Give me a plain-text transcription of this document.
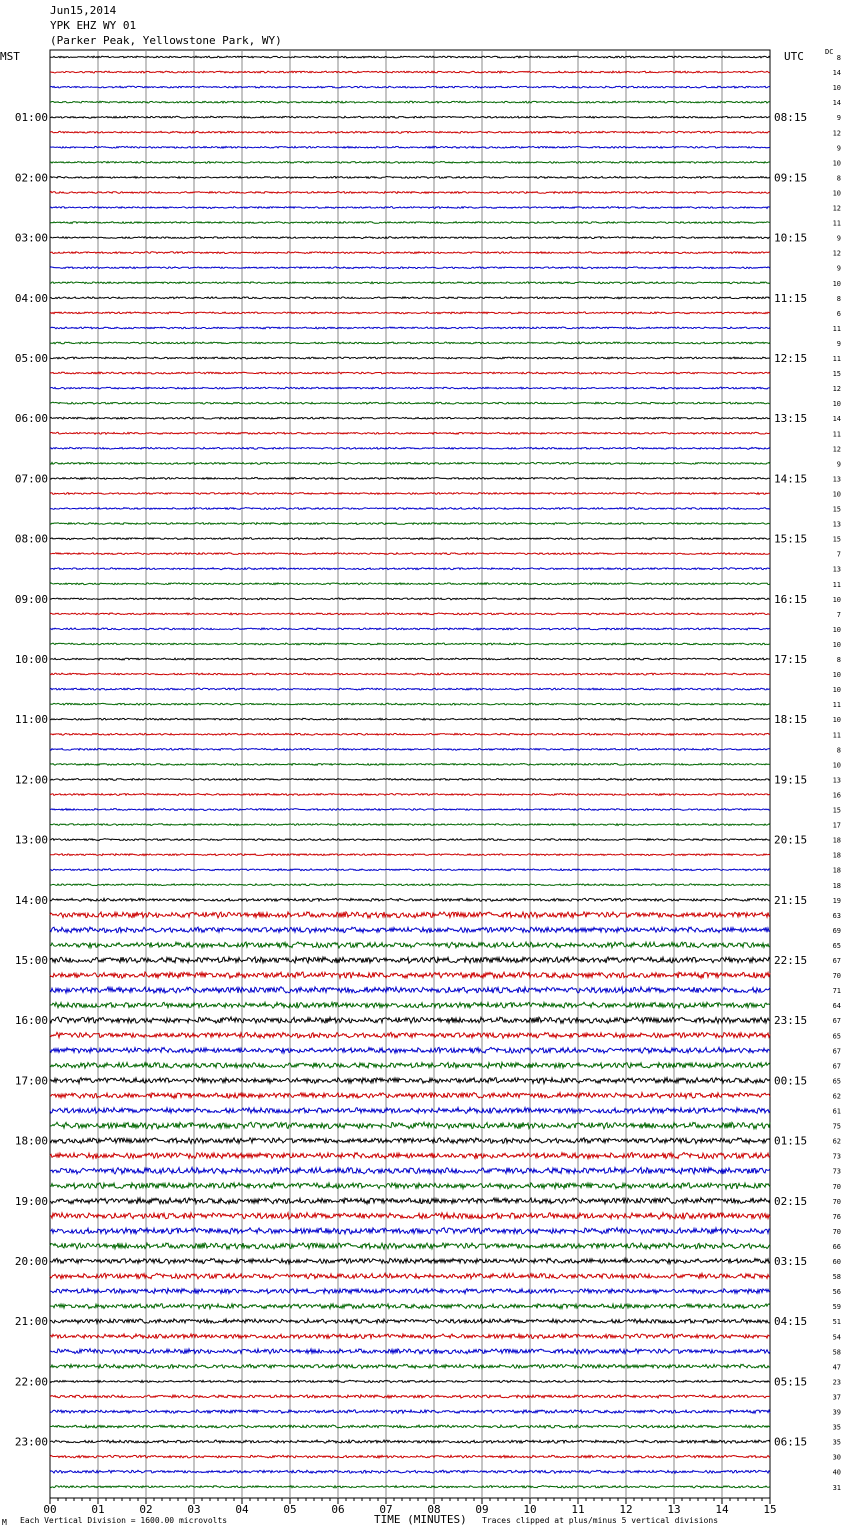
Jun15,2014
YPK EHZ WY 01
(Parker Peak, Yellowstone Park, WY)
MST	UTC	DC
8
14
10
14
9
12
9
10
8
10
12
11
9
12
9
10
8
6
11
9
11
15
12
10
14
11
12
9
13
10
15
13
15
7
13
11
10
7
10
10
8
10
10
11
10
11
8
10
13
16
15
17
18
18
18
18
19
63
69
65
67
70
71
64
67
65
67
67
65
62
61
75
62
73
73
70
70
76
70
66
60
58
56
59
51
54
58
47
23
37
39
35
35
30
40
31
01:00
02:00
03:00
04:00
05:00
06:00
07:00
08:00
09:00
10:00
11:00
12:00
13:00
14:00
15:00
16:00
17:00
18:00
19:00
20:00
21:00
22:00
23:00
08:15
09:15
10:15
11:15
12:15
13:15
14:15
15:15
16:15
17:15
18:15
19:15
20:15
21:15
22:15
23:15
00:15
01:15
02:15
03:15
04:15
05:15
06:15
00	01	02	03	04	05	06	07	08	09	10	11	12	13	14	15
M Each Vertical Division = 1600.00 microvolts	TIME (MINUTES) Traces clipped at plus/minus 5 vertical divisions
